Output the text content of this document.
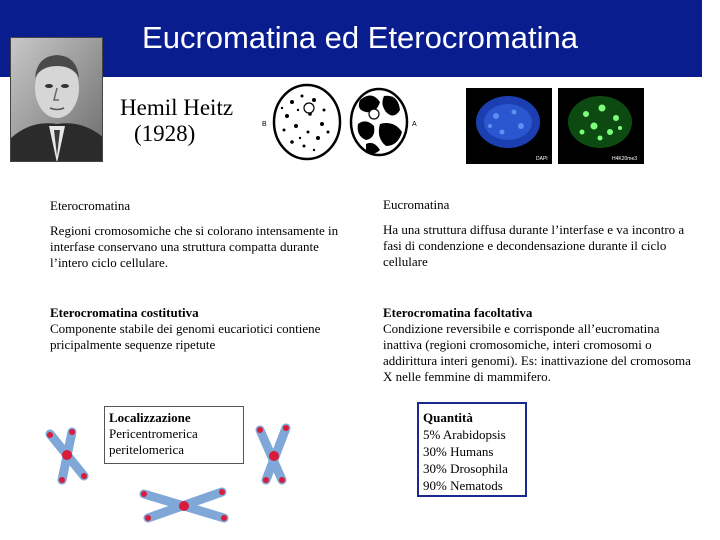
Eucromatina ed Eterocromatina
Hemil Heitz
(1928)	B	A
DAPI	H4K20me3
Eterocromatina
Regioni cromosomiche che si colorano intensamente in interfase conservano una struttura compatta durante l’intero ciclo cellulare.
Eterocromatina costitutiva
Componente stabile dei genomi eucariotici contiene pricipalmente sequenze ripetute
Eucromatina
Ha una struttura diffusa durante l’interfase e va incontro a fasi di condenzione e decondensazione durante il ciclo cellulare
Eterocromatina facoltativa
Condizione reversibile e corrisponde all’eucromatina inattiva (regioni cromosomiche, interi cromosomi o addirittura interi genomi). Es: inattivazione del cromosoma X nelle femmine di mammifero.
Localizzazione
Pericentromerica
peritelomerica
Quantità
5% Arabidopsis
30% Humans
30% Drosophila
90% Nematods
